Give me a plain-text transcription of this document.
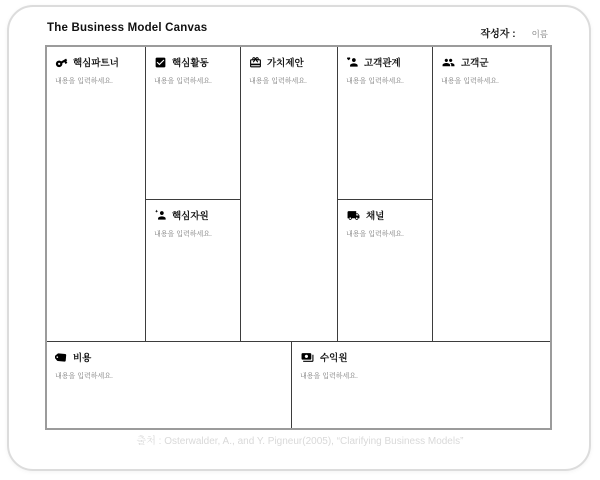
The Business Model Canvas
작성자 : 이름
핵심파트너
내용을 입력하세요.
핵심활동
내용을 입력하세요.
핵심자원
내용을 입력하세요.
가치제안
내용을 입력하세요.
고객관계
내용을 입력하세요.
채널
내용을 입력하세요.
고객군
내용을 입력하세요.
비용
내용을 입력하세요.
수익원
내용을 입력하세요.
출처 : Osterwalder, A., and Y. Pigneur(2005), “Clarifying Business Models”
